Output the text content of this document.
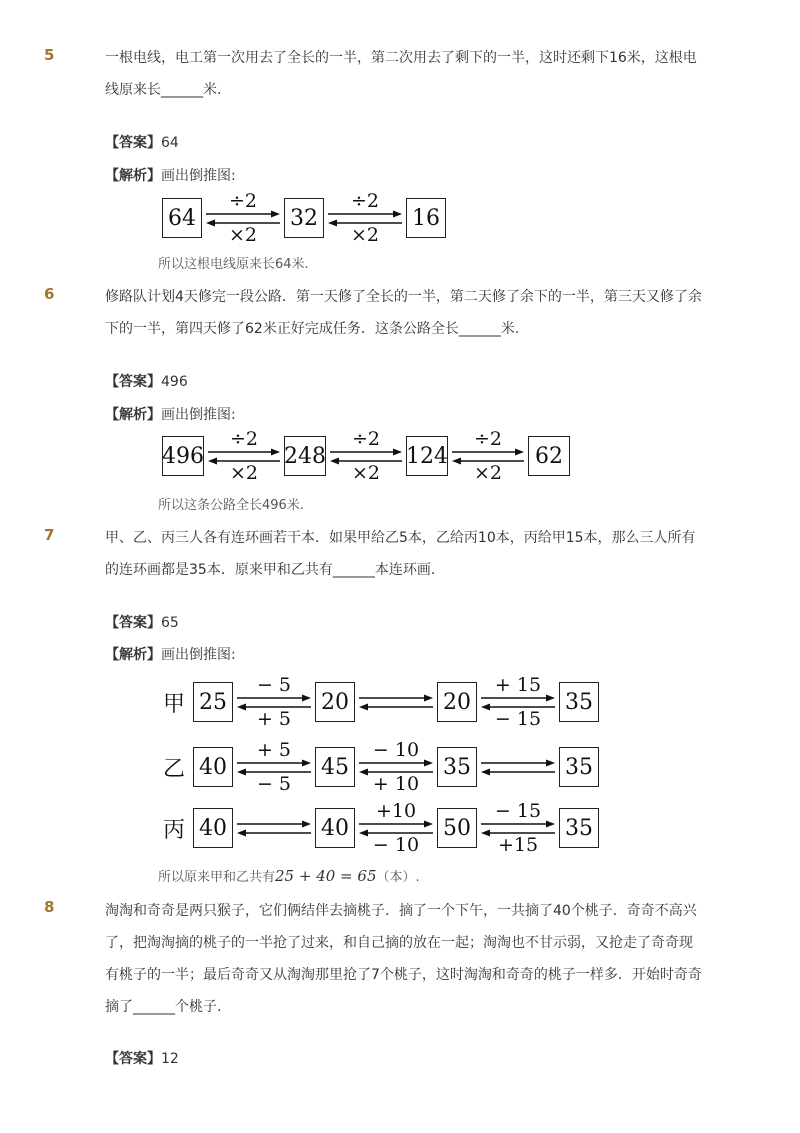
5	一根电线，电工第一次用去了全长的一半，第二次用去了剩下的一半，这时还剩下16米，这根电
线原来长______米.
【答案】64
【解析】画出倒推图:
64
÷2
×2
32
÷2
×2
16
所以这根电线原来长64米.
6	修路队计划4天修完一段公路．第一天修了全长的一半，第二天修了余下的一半，第三天又修了余
下的一半，第四天修了62米正好完成任务．这条公路全长______米.
【答案】496
【解析】画出倒推图:
496
÷2
×2
248
÷2
×2
124
÷2
×2
62
所以这条公路全长496米.
7	甲、乙、丙三人各有连环画若干本．如果甲给乙5本，乙给丙10本，丙给甲15本，那么三人所有
的连环画都是35本．原来甲和乙共有______本连环画.
【答案】65
【解析】画出倒推图:
甲 25
− 5
+ 5
20	20
+ 15
− 15
35
乙 40
+ 5
− 5
45
− 10
+ 10
35	35
丙 40	40
+10
− 10
50
− 15
+15
35
所以原来甲和乙共有25 + 40 = 65（本）.
8	淘淘和奇奇是两只猴子，它们俩结伴去摘桃子．摘了一个下午，一共摘了40个桃子．奇奇不高兴
了，把淘淘摘的桃子的一半抢了过来，和自己摘的放在一起；淘淘也不甘示弱，又抢走了奇奇现
有桃子的一半；最后奇奇又从淘淘那里抢了7个桃子，这时淘淘和奇奇的桃子一样多．开始时奇奇
摘了______个桃子.
【答案】12
